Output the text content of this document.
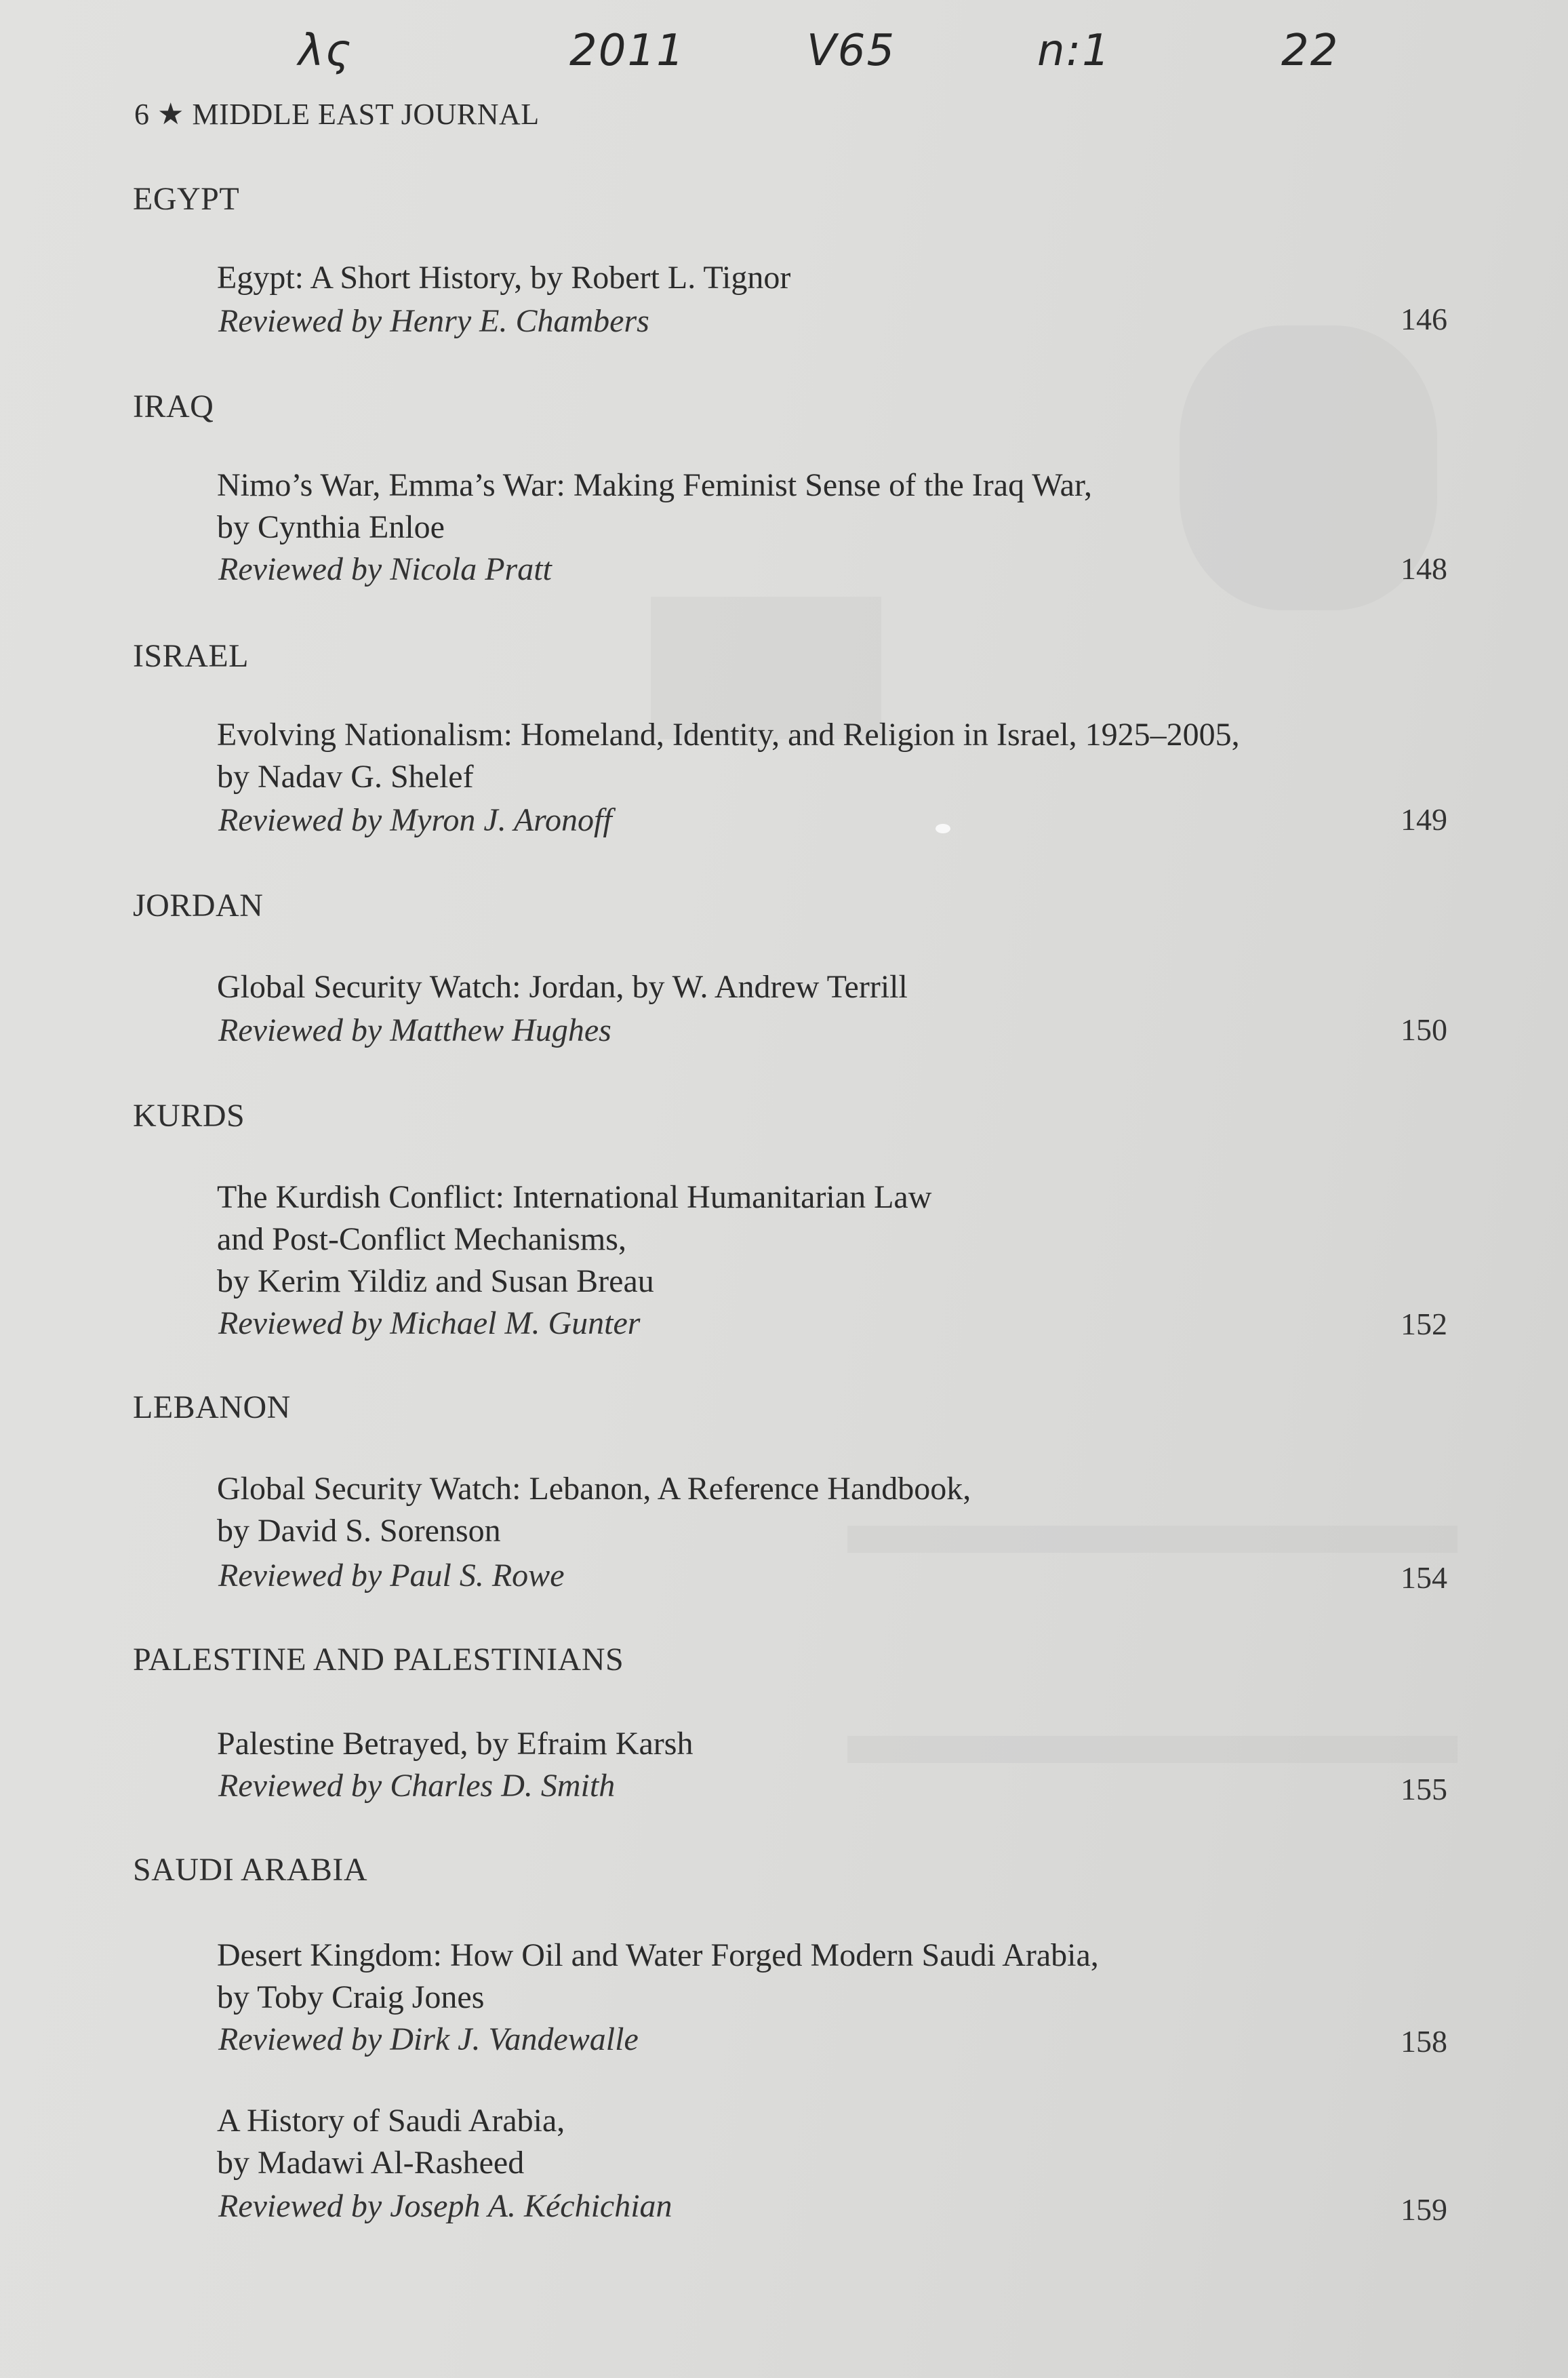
λς	2011	V65	n:1	22
6 ★ MIDDLE EAST JOURNAL
EGYPT
Egypt: A Short History, by Robert L. Tignor
Reviewed by Henry E. Chambers	146
IRAQ
Nimo’s War, Emma’s War: Making Feminist Sense of the Iraq War,
by Cynthia Enloe
Reviewed by Nicola Pratt	148
ISRAEL
Evolving Nationalism: Homeland, Identity, and Religion in Israel, 1925–2005,
by Nadav G. Shelef
Reviewed by Myron J. Aronoff	149
JORDAN
Global Security Watch: Jordan, by W. Andrew Terrill
Reviewed by Matthew Hughes	150
KURDS
The Kurdish Conflict: International Humanitarian Law
and Post-Conflict Mechanisms,
by Kerim Yildiz and Susan Breau
Reviewed by Michael M. Gunter	152
LEBANON
Global Security Watch: Lebanon, A Reference Handbook,
by David S. Sorenson
Reviewed by Paul S. Rowe	154
PALESTINE AND PALESTINIANS
Palestine Betrayed, by Efraim Karsh
Reviewed by Charles D. Smith	155
SAUDI ARABIA
Desert Kingdom: How Oil and Water Forged Modern Saudi Arabia,
by Toby Craig Jones
Reviewed by Dirk J. Vandewalle	158
A History of Saudi Arabia,
by Madawi Al-Rasheed
Reviewed by Joseph A. Kéchichian	159
